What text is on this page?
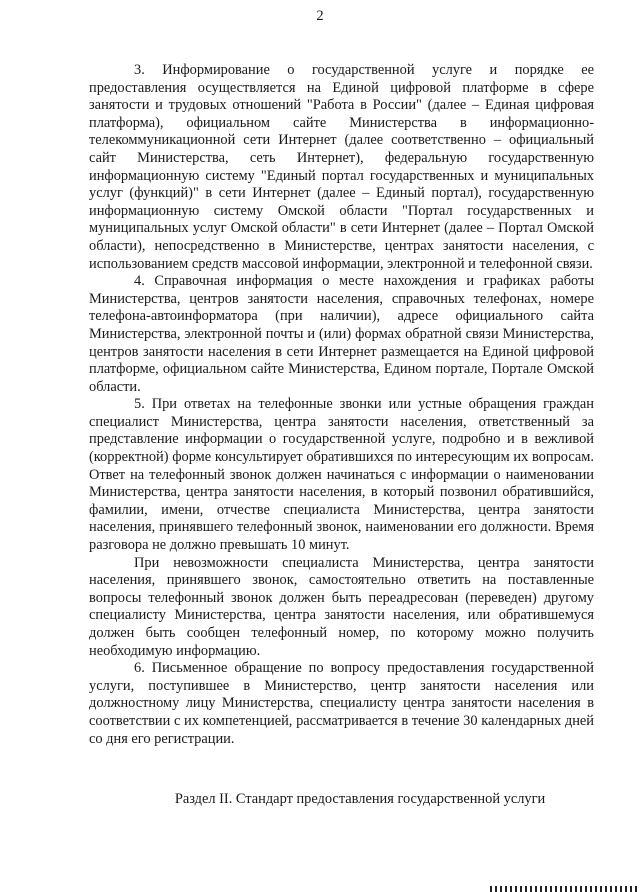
2

3. Информирование о государственной услуге и порядке ее предоставления осуществляется на Единой цифровой платформе в сфере занятости и трудовых отношений "Работа в России" (далее – Единая цифровая платформа), официальном сайте Министерства в информационно-телекоммуникационной сети Интернет (далее соответственно – официальный сайт Министерства, сеть Интернет), федеральную государственную информационную систему "Единый портал государственных и муниципальных услуг (функций)" в сети Интернет (далее – Единый портал), государственную информационную систему Омской области "Портал государственных и муниципальных услуг Омской области" в сети Интернет (далее – Портал Омской области), непосредственно в Министерстве, центрах занятости населения, с использованием средств массовой информации, электронной и телефонной связи.

4. Справочная информация о месте нахождения и графиках работы Министерства, центров занятости населения, справочных телефонах, номере телефона-автоинформатора (при наличии), адресе официального сайта Министерства, электронной почты и (или) формах обратной связи Министерства, центров занятости населения в сети Интернет размещается на Единой цифровой платформе, официальном сайте Министерства, Едином портале, Портале Омской области.

5. При ответах на телефонные звонки или устные обращения граждан специалист Министерства, центра занятости населения, ответственный за представление информации о государственной услуге, подробно и в вежливой (корректной) форме консультирует обратившихся по интересующим их вопросам. Ответ на телефонный звонок должен начинаться с информации о наименовании Министерства, центра занятости населения, в который позвонил обратившийся, фамилии, имени, отчестве специалиста Министерства, центра занятости населения, принявшего телефонный звонок, наименовании его должности. Время разговора не должно превышать 10 минут.

При невозможности специалиста Министерства, центра занятости населения, принявшего звонок, самостоятельно ответить на поставленные вопросы телефонный звонок должен быть переадресован (переведен) другому специалисту Министерства, центра занятости населения, или обратившемуся должен быть сообщен телефонный номер, по которому можно получить необходимую информацию.

6. Письменное обращение по вопросу предоставления государственной услуги, поступившее в Министерство, центр занятости населения или должностному лицу Министерства, специалисту центра занятости населения в соответствии с их компетенцией, рассматривается в течение 30 календарных дней со дня его регистрации.

Раздел II. Стандарт предоставления государственной услуги
